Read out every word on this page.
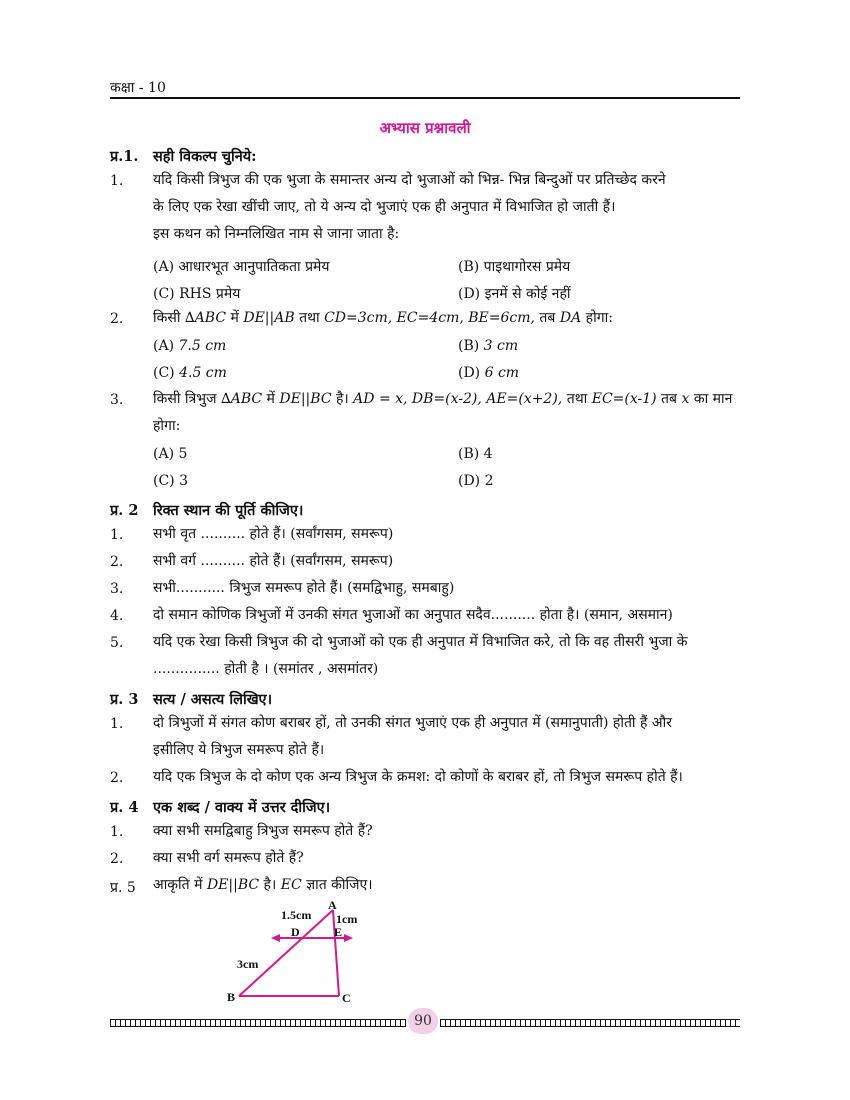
कक्षा - 10
अभ्यास प्रश्नावली
प्र.1. सही विकल्प चुनिये:
1. यदि किसी त्रिभुज की एक भुजा के समान्तर अन्य दो भुजाओं को भिन्न- भिन्न बिन्दुओं पर प्रतिच्छेद करने
के लिए एक रेखा खींची जाए, तो ये अन्य दो भुजाएं एक ही अनुपात में विभाजित हो जाती हैं।
इस कथन को निम्नलिखित नाम से जाना जाता है:
(A) आधारभूत आनुपातिकता प्रमेय	(B) पाइथागोरस प्रमेय
(C) RHS प्रमेय	(D) इनमें से कोई नहीं
2. किसी ∆ABC में DE||AB तथा CD=3cm, EC=4cm, BE=6cm, तब DA होगा:
(A) 7.5 cm	(B) 3 cm
(C) 4.5 cm	(D) 6 cm
3. किसी त्रिभुज ∆ABC में DE||BC है। AD = x, DB=(x-2), AE=(x+2), तथा EC=(x-1) तब x का मान
होगा:
(A) 5	(B) 4
(C) 3	(D) 2
प्र. 2 रिक्त स्थान की पूर्ति कीजिए।
1. सभी वृत .......... होते हैं। (सर्वांगसम, समरूप)
2. सभी वर्ग .......... होते हैं। (सर्वांगसम, समरूप)
3. सभी........... त्रिभुज समरूप होते हैं। (समद्विभाहु, समबाहु)
4. दो समान कोणिक त्रिभुजों में उनकी संगत भुजाओं का अनुपात सदैव.......... होता है। (समान, असमान)
5. यदि एक रेखा किसी त्रिभुज की दो भुजाओं को एक ही अनुपात में विभाजित करे, तो कि वह तीसरी भुजा के
............... होती है । (समांतर , असमांतर)
प्र. 3 सत्य / असत्य लिखिए।
1. दो त्रिभुजों में संगत कोण बराबर हों, तो उनकी संगत भुजाएं एक ही अनुपात में (समानुपाती) होती हैं और
इसीलिए ये त्रिभुज समरूप होते हैं।
2. यदि एक त्रिभुज के दो कोण एक अन्य त्रिभुज के क्रमश: दो कोणों के बराबर हों, तो त्रिभुज समरूप होते हैं।
प्र. 4 एक शब्द / वाक्य में उत्तर दीजिए।
1. क्या सभी समद्विबाहु त्रिभुज समरूप होते हैं?
2. क्या सभी वर्ग समरूप होते हैं?
प्र. 5 आकृति में DE||BC है। EC ज्ञात कीजिए।
A
B	C
D	E
1.5cm 1cm
3cm
90
